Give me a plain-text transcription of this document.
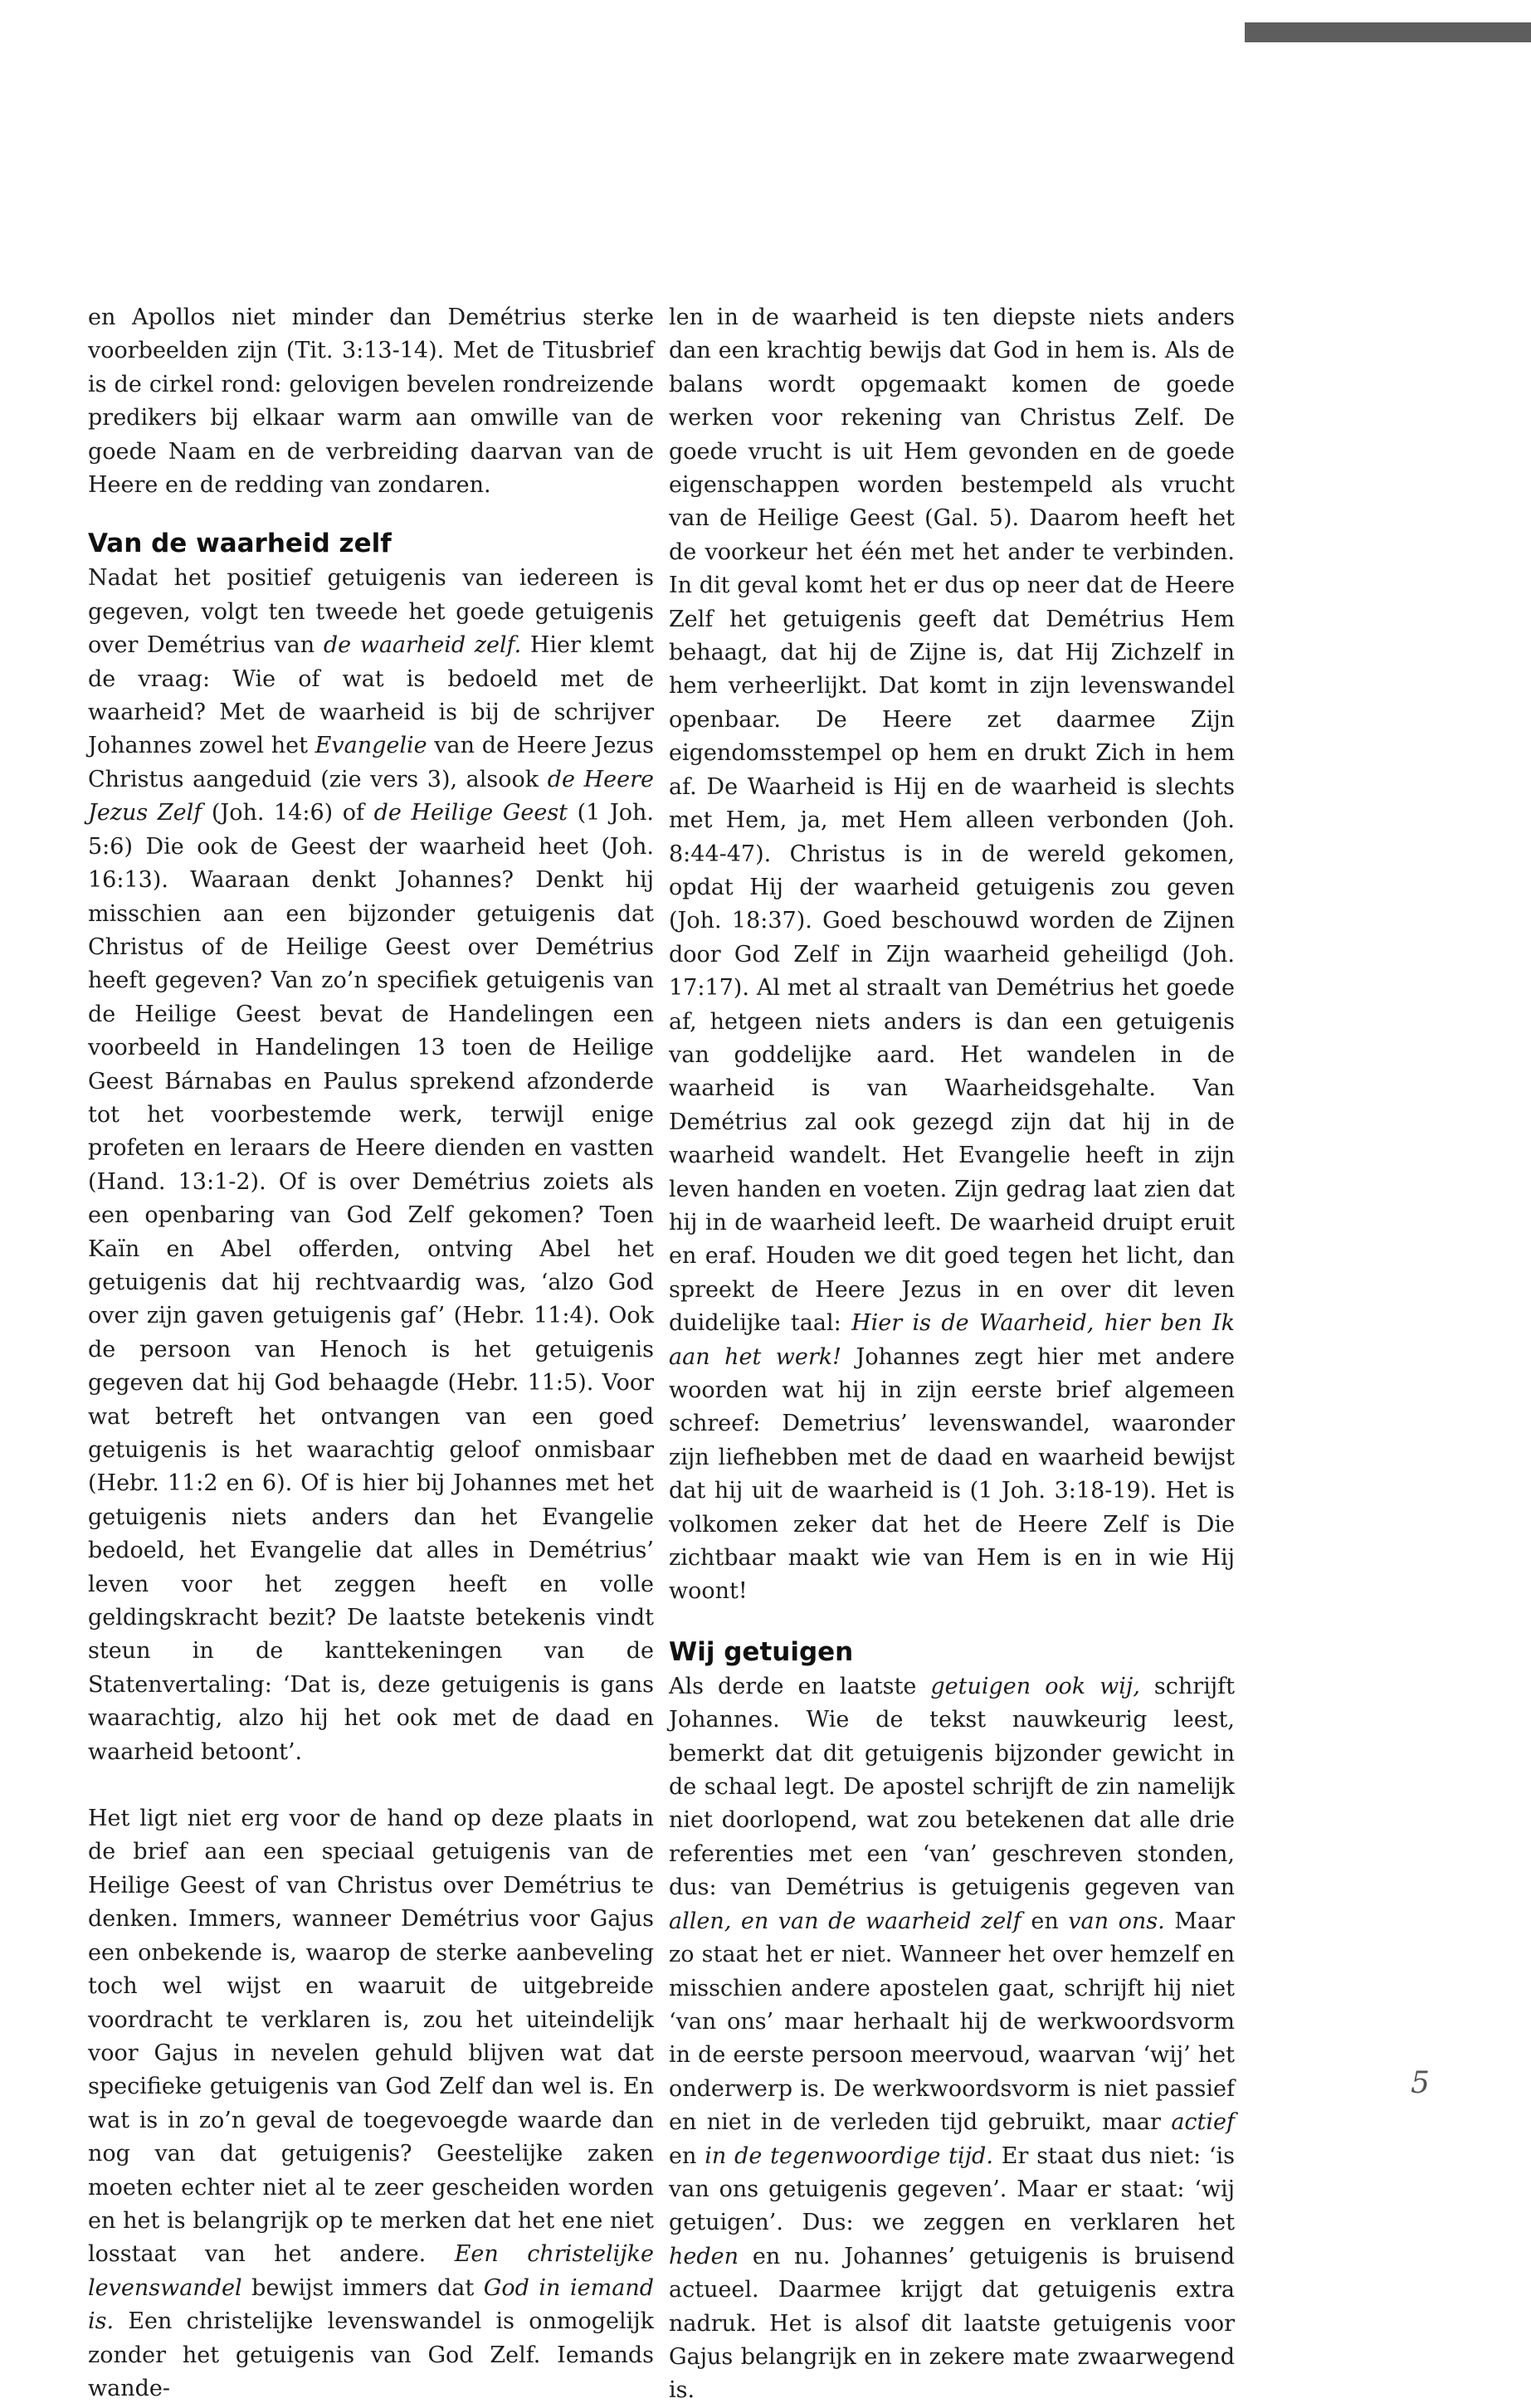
en Apollos niet minder dan Demétrius sterke voorbeelden zijn (Tit. 3:13-14). Met de Titusbrief is de cirkel rond: gelovigen bevelen rondreizende predikers bij elkaar warm aan omwille van de goede Naam en de verbreiding daarvan van de Heere en de redding van zondaren.

Van de waarheid zelf

Nadat het positief getuigenis van iedereen is gegeven, volgt ten tweede het goede getuigenis over Demétrius van de waarheid zelf. Hier klemt de vraag: Wie of wat is bedoeld met de waarheid? Met de waarheid is bij de schrijver Johannes zowel het Evangelie van de Heere Jezus Christus aangeduid (zie vers 3), alsook de Heere Jezus Zelf (Joh. 14:6) of de Heilige Geest (1 Joh. 5:6) Die ook de Geest der waarheid heet (Joh. 16:13). Waaraan denkt Johannes? Denkt hij misschien aan een bijzonder getuigenis dat Christus of de Heilige Geest over Demétrius heeft gegeven? Van zo’n specifiek getuigenis van de Heilige Geest bevat de Handelingen een voorbeeld in Handelingen 13 toen de Heilige Geest Bárnabas en Paulus sprekend afzonderde tot het voorbestemde werk, terwijl enige profeten en leraars de Heere dienden en vastten (Hand. 13:1-2). Of is over Demétrius zoiets als een openbaring van God Zelf gekomen? Toen Kaïn en Abel offerden, ontving Abel het getuigenis dat hij rechtvaardig was, ‘alzo God over zijn gaven getuigenis gaf’ (Hebr. 11:4). Ook de persoon van Henoch is het getuigenis gegeven dat hij God behaagde (Hebr. 11:5). Voor wat betreft het ontvangen van een goed getuigenis is het waarachtig geloof onmisbaar (Hebr. 11:2 en 6). Of is hier bij Johannes met het getuigenis niets anders dan het Evangelie bedoeld, het Evangelie dat alles in Demétrius’ leven voor het zeggen heeft en volle geldingskracht bezit? De laatste betekenis vindt steun in de kanttekeningen van de Statenvertaling: ‘Dat is, deze getuigenis is gans waarachtig, alzo hij het ook met de daad en waarheid betoont’.

Het ligt niet erg voor de hand op deze plaats in de brief aan een speciaal getuigenis van de Heilige Geest of van Christus over Demétrius te denken. Immers, wanneer Demétrius voor Gajus een onbekende is, waarop de sterke aanbeveling toch wel wijst en waaruit de uitgebreide voordracht te verklaren is, zou het uiteindelijk voor Gajus in nevelen gehuld blijven wat dat specifieke getuigenis van God Zelf dan wel is. En wat is in zo’n geval de toegevoegde waarde dan nog van dat getuigenis? Geestelijke zaken moeten echter niet al te zeer gescheiden worden en het is belangrijk op te merken dat het ene niet losstaat van het andere. Een christelijke levenswandel bewijst immers dat God in iemand is. Een christelijke levenswandel is onmogelijk zonder het getuigenis van God Zelf. Iemands wande-

len in de waarheid is ten diepste niets anders dan een krachtig bewijs dat God in hem is. Als de balans wordt opgemaakt komen de goede werken voor rekening van Christus Zelf. De goede vrucht is uit Hem gevonden en de goede eigenschappen worden bestempeld als vrucht van de Heilige Geest (Gal. 5). Daarom heeft het de voorkeur het één met het ander te verbinden. In dit geval komt het er dus op neer dat de Heere Zelf het getuigenis geeft dat Demétrius Hem behaagt, dat hij de Zijne is, dat Hij Zichzelf in hem verheerlijkt. Dat komt in zijn levenswandel openbaar. De Heere zet daarmee Zijn eigendomsstempel op hem en drukt Zich in hem af. De Waarheid is Hij en de waarheid is slechts met Hem, ja, met Hem alleen verbonden (Joh. 8:44-47). Christus is in de wereld gekomen, opdat Hij der waarheid getuigenis zou geven (Joh. 18:37). Goed beschouwd worden de Zijnen door God Zelf in Zijn waarheid geheiligd (Joh. 17:17). Al met al straalt van Demétrius het goede af, hetgeen niets anders is dan een getuigenis van goddelijke aard. Het wandelen in de waarheid is van Waarheidsgehalte. Van Demétrius zal ook gezegd zijn dat hij in de waarheid wandelt. Het Evangelie heeft in zijn leven handen en voeten. Zijn gedrag laat zien dat hij in de waarheid leeft. De waarheid druipt eruit en eraf. Houden we dit goed tegen het licht, dan spreekt de Heere Jezus in en over dit leven duidelijke taal: Hier is de Waarheid, hier ben Ik aan het werk! Johannes zegt hier met andere woorden wat hij in zijn eerste brief algemeen schreef: Demetrius’ levenswandel, waaronder zijn liefhebben met de daad en waarheid bewijst dat hij uit de waarheid is (1 Joh. 3:18-19). Het is volkomen zeker dat het de Heere Zelf is Die zichtbaar maakt wie van Hem is en in wie Hij woont!

Wij getuigen

Als derde en laatste getuigen ook wij, schrijft Johannes. Wie de tekst nauwkeurig leest, bemerkt dat dit getuigenis bijzonder gewicht in de schaal legt. De apostel schrijft de zin namelijk niet doorlopend, wat zou betekenen dat alle drie referenties met een ‘van’ geschreven stonden, dus: van Demétrius is getuigenis gegeven van allen, en van de waarheid zelf en van ons. Maar zo staat het er niet. Wanneer het over hemzelf en misschien andere apostelen gaat, schrijft hij niet ‘van ons’ maar herhaalt hij de werkwoordsvorm in de eerste persoon meervoud, waarvan ‘wij’ het onderwerp is. De werkwoordsvorm is niet passief en niet in de verleden tijd gebruikt, maar actief en in de tegenwoordige tijd. Er staat dus niet: ‘is van ons getuigenis gegeven’. Maar er staat: ‘wij getuigen’. Dus: we zeggen en verklaren het heden en nu. Johannes’ getuigenis is bruisend actueel. Daarmee krijgt dat getuigenis extra nadruk. Het is alsof dit laatste getuigenis voor Gajus belangrijk en in zekere mate zwaarwegend is.

5
